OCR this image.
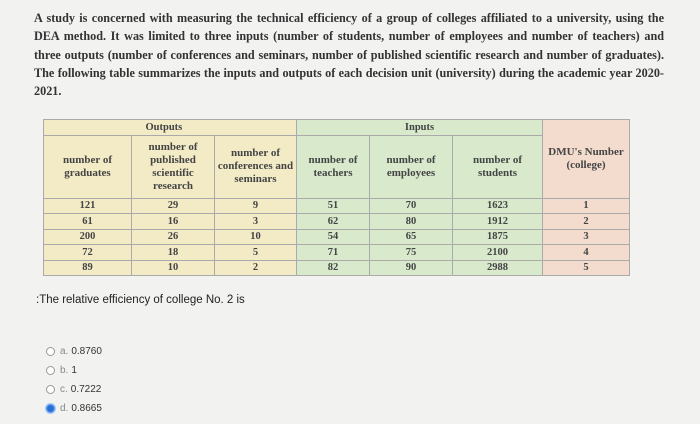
A study is concerned with measuring the technical efficiency of a group of colleges affiliated to a university, using the DEA method. It was limited to three inputs (number of students, number of employees and number of teachers) and three outputs (number of conferences and seminars, number of published scientific research and number of graduates). The following table summarizes the inputs and outputs of each decision unit (university) during the academic year 2020-2021.
	Outputs		Inputs			DMU's Number (college)
number of graduates	number of published scientific research	number of conferences and seminars	number of teachers	number of employees	number of students	
121	29	9	51	70	1623	1
61	16	3	62	80	1912	2
200	26	10	54	65	1875	3
72	18	5	71	75	2100	4
89	10	2	82	90	2988	5
:The relative efficiency of college No. 2 is
a. 0.8760
b. 1
c. 0.7222
d. 0.8665
